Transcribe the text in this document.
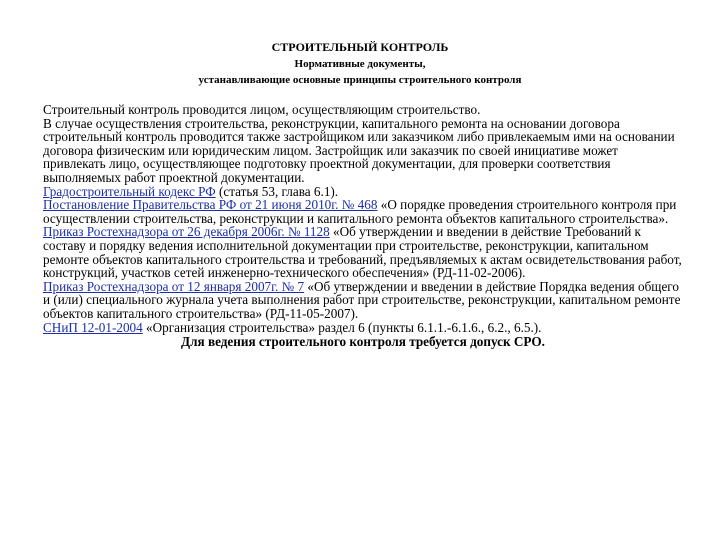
СТРОИТЕЛЬНЫЙ КОНТРОЛЬ
Нормативные документы,
устанавливающие основные принципы строительного контроля

Строительный контроль проводится лицом, осуществляющим строительство.

В случае осуществления строительства, реконструкции, капитального ремонта на основании договора строительный контроль проводится также застройщиком или заказчиком либо привлекаемым ими на основании договора физическим или юридическим лицом. Застройщик или заказчик по своей инициативе может привлекать лицо, осуществляющее подготовку проектной документации, для проверки соответствия выполняемых работ проектной документации.

Градостроительный кодекс РФ (статья 53, глава 6.1).

Постановление Правительства РФ от 21 июня 2010г. № 468 «О порядке проведения строительного контроля при осуществлении строительства, реконструкции и капитального ремонта объектов капитального строительства».

Приказ Ростехнадзора от 26 декабря 2006г. № 1128 «Об утверждении и введении в действие Требований к составу и порядку ведения исполнительной документации при строительстве, реконструкции, капитальном ремонте объектов капитального строительства и требований, предъявляемых к актам освидетельствования работ, конструкций, участков сетей инженерно-технического обеспечения» (РД-11-02-2006).

Приказ Ростехнадзора от 12 января 2007г. № 7 «Об утверждении и введении в действие Порядка ведения общего и (или) специального журнала учета выполнения работ при строительстве, реконструкции, капитальном ремонте объектов капитального строительства» (РД-11-05-2007).

СНиП 12-01-2004 «Организация строительства» раздел 6 (пункты 6.1.1.-6.1.6., 6.2., 6.5.).

Для ведения строительного контроля требуется допуск СРО.
